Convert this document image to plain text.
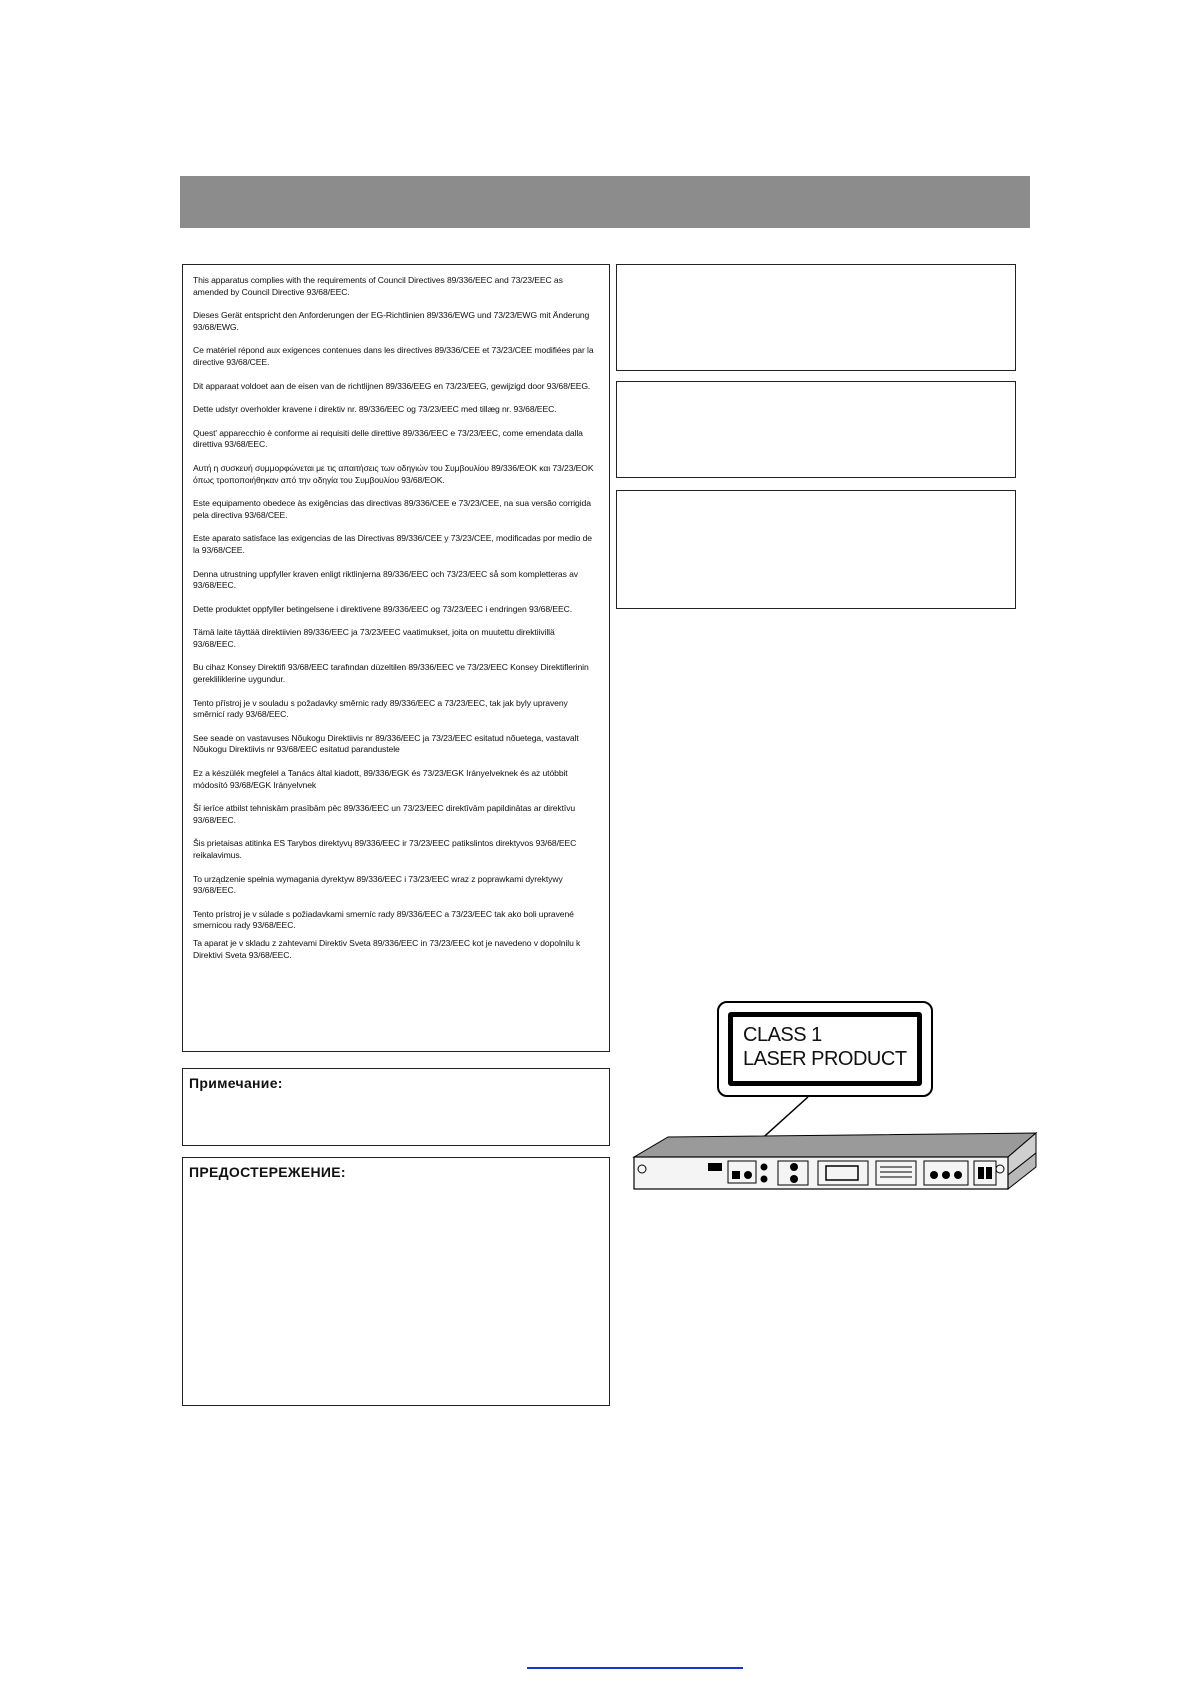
This apparatus complies with the requirements of Council Directives 89/336/EEC and 73/23/EEC as amended by Council Directive 93/68/EEC.

Dieses Gerät entspricht den Anforderungen der EG-Richtlinien 89/336/EWG und 73/23/EWG mit Änderung 93/68/EWG.

Ce matériel répond aux exigences contenues dans les directives 89/336/CEE et 73/23/CEE modifiées par la directive 93/68/CEE.

Dit apparaat voldoet aan de eisen van de richtlijnen 89/336/EEG en 73/23/EEG, gewijzigd door 93/68/EEG.

Dette udstyr overholder kravene i direktiv nr. 89/336/EEC og 73/23/EEC med tillæg nr. 93/68/EEC.

Quest' apparecchio è conforme ai requisiti delle direttive 89/336/EEC e 73/23/EEC, come emendata dalla direttiva 93/68/EEC.

Αυτή η συσκευή συμμορφώνεται με τις απαιτήσεις των οδηγιών του Συμβουλίου 89/336/ΕΟΚ και 73/23/ΕΟΚ όπως τροποποιήθηκαν από την οδηγία του Συμβουλίου 93/68/ΕΟΚ.

Este equipamento obedece às exigências das directivas 89/336/CEE e 73/23/CEE, na sua versão corrigida pela directiva 93/68/CEE.

Este aparato satisface las exigencias de las Directivas 89/336/CEE y 73/23/CEE, modificadas por medio de la 93/68/CEE.

Denna utrustning uppfyller kraven enligt riktlinjerna 89/336/EEC och 73/23/EEC så som kompletteras av 93/68/EEC.

Dette produktet oppfyller betingelsene i direktivene 89/336/EEC og 73/23/EEC i endringen 93/68/EEC.

Tämä laite täyttää direktiivien 89/336/EEC ja 73/23/EEC vaatimukset, joita on muutettu direktiivillä 93/68/EEC.

Bu cihaz Konsey Direktifi 93/68/EEC tarafından düzeltilen 89/336/EEC ve 73/23/EEC Konsey Direktiflerinin gerekliliklerine uygundur.

Tento přístroj je v souladu s požadavky směrnic rady 89/336/EEC a 73/23/EEC, tak jak byly upraveny směrnicí rady 93/68/EEC.

See seade on vastavuses Nõukogu Direktiivis nr 89/336/EEC ja 73/23/EEC esitatud nõuetega, vastavalt Nõukogu Direktiivis nr 93/68/EEC esitatud parandustele

Ez a készülék megfelel a Tanács által kiadott, 89/336/EGK és 73/23/EGK Irányelveknek és az utóbbit módosító 93/68/EGK Irányelvnek

Šī ierīce atbilst tehniskām prasībām pēc 89/336/EEC un 73/23/EEC direktīvām papildinātas ar direktīvu 93/68/EEC.

Šis prietaisas atitinka ES Tarybos direktyvų 89/336/EEC ir 73/23/EEC patikslintos direktyvos 93/68/EEC reikalavimus.

To urządzenie spełnia wymagania dyrektyw 89/336/EEC i 73/23/EEC wraz z poprawkami dyrektywy 93/68/EEC.

Tento prístroj je v súlade s požiadavkami smerníc rady 89/336/EEC a 73/23/EEC tak ako boli upravené smernicou rady 93/68/EEC.

Ta aparat je v skladu z zahtevami Direktiv Sveta 89/336/EEC in 73/23/EEC kot je navedeno v dopolnilu k Direktivi Sveta 93/68/EEC.

Примечание:

ПРЕДОСТЕРЕЖЕНИЕ:

CLASS 1
LASER PRODUCT
